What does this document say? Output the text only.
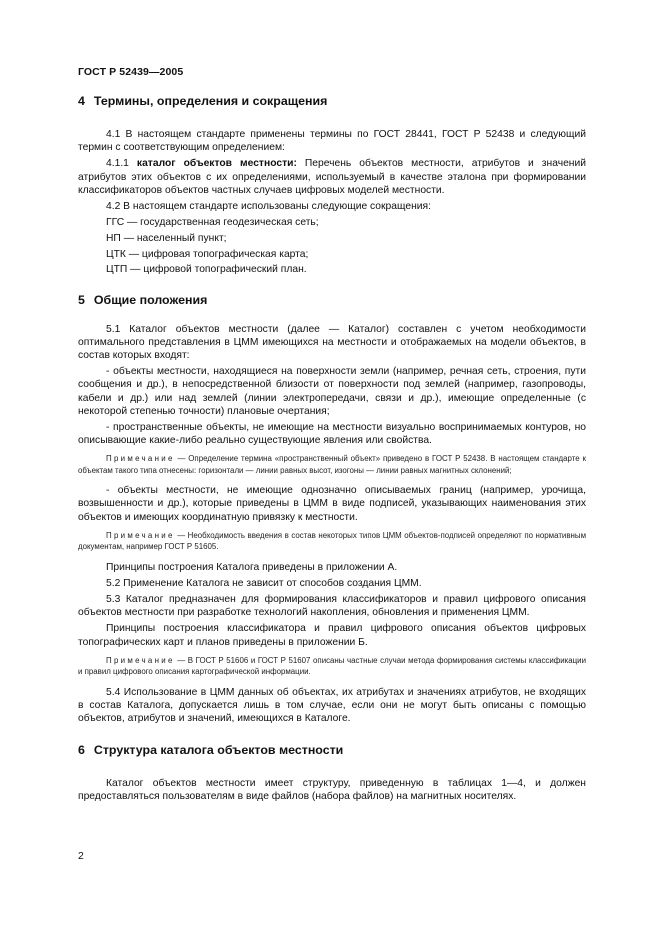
ГОСТ Р 52439—2005
4 Термины, определения и сокращения

4.1 В настоящем стандарте применены термины по ГОСТ 28441, ГОСТ Р 52438 и следующий термин с соответствующим определением:

4.1.1 каталог объектов местности: Перечень объектов местности, атрибутов и значений атрибутов этих объектов с их определениями, используемый в качестве эталона при формировании классификаторов объектов частных случаев цифровых моделей местности.

4.2 В настоящем стандарте использованы следующие сокращения:

ГГС — государственная геодезическая сеть;

НП — населенный пункт;

ЦТК — цифровая топографическая карта;

ЦТП — цифровой топографический план.

5 Общие положения

5.1 Каталог объектов местности (далее — Каталог) составлен с учетом необходимости оптимального представления в ЦММ имеющихся на местности и отображаемых на модели объектов, в состав которых входят:

- объекты местности, находящиеся на поверхности земли (например, речная сеть, строения, пути сообщения и др.), в непосредственной близости от поверхности под землей (например, газопроводы, кабели и др.) или над землей (линии электропередачи, связи и др.), имеющие определенные (с некоторой степенью точности) плановые очертания;

- пространственные объекты, не имеющие на местности визуально воспринимаемых контуров, но описывающие какие-либо реально существующие явления или свойства.

Примечание — Определение термина «пространственный объект» приведено в ГОСТ Р 52438. В настоящем стандарте к объектам такого типа отнесены: горизонтали — линии равных высот, изогоны — линии равных магнитных склонений;

- объекты местности, не имеющие однозначно описываемых границ (например, урочища, возвышенности и др.), которые приведены в ЦММ в виде подписей, указывающих наименования этих объектов и имеющих координатную привязку к местности.

Примечание — Необходимость введения в состав некоторых типов ЦММ объектов-подписей определяют по нормативным документам, например ГОСТ Р 51605.

Принципы построения Каталога приведены в приложении А.

5.2 Применение Каталога не зависит от способов создания ЦММ.

5.3 Каталог предназначен для формирования классификаторов и правил цифрового описания объектов местности при разработке технологий накопления, обновления и применения ЦММ.

Принципы построения классификатора и правил цифрового описания объектов цифровых топографических карт и планов приведены в приложении Б.

Примечание — В ГОСТ Р 51606 и ГОСТ Р 51607 описаны частные случаи метода формирования системы классификации и правил цифрового описания картографической информации.

5.4 Использование в ЦММ данных об объектах, их атрибутах и значениях атрибутов, не входящих в состав Каталога, допускается лишь в том случае, если они не могут быть описаны с помощью объектов, атрибутов и значений, имеющихся в Каталоге.

6 Структура каталога объектов местности

Каталог объектов местности имеет структуру, приведенную в таблицах 1—4, и должен предоставляться пользователям в виде файлов (набора файлов) на магнитных носителях.

2
